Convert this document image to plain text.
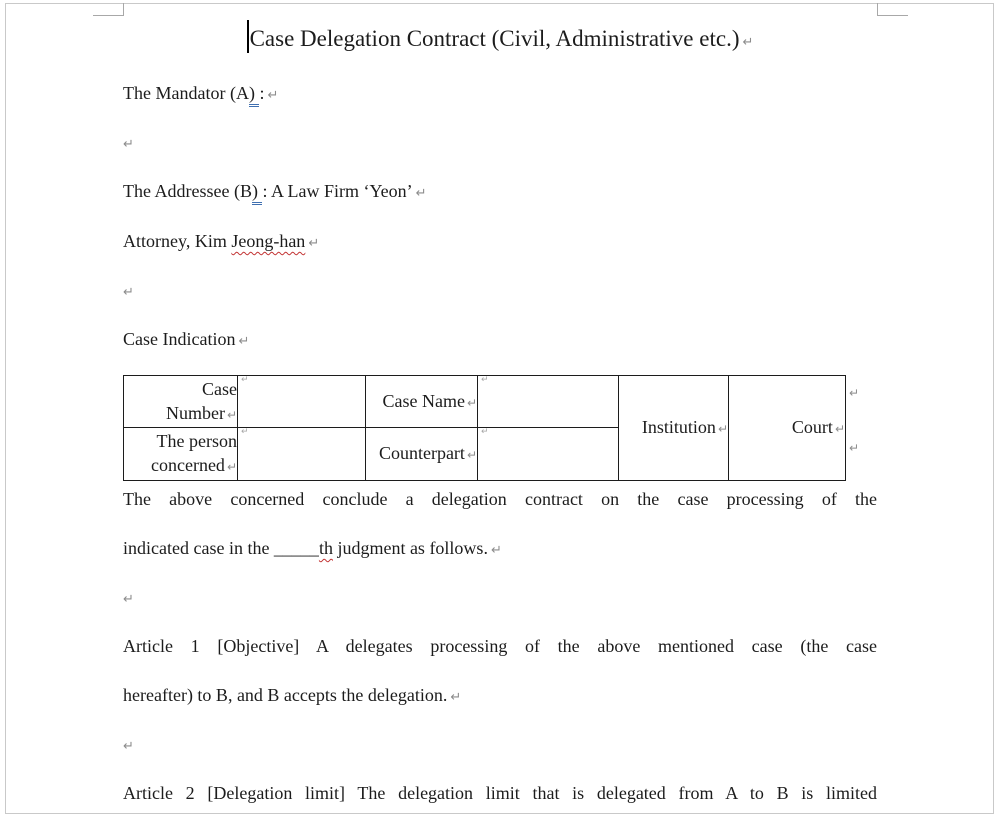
Case Delegation Contract (Civil, Administrative etc.) ↵
The Mandator (A) : ↵
↵
The Addressee (B) : A Law Firm ‘Yeon’ ↵
Attorney, Kim Jeong-han ↵
↵
Case Indication ↵
Case
Number ↵	↵	Case Name ↵	↵	Institution ↵	Court ↵

The person
concerned ↵	↵	Counterpart ↵	↵		
↵
↵
The above concerned conclude a delegation contract on the case processing of the
indicated case in the _____th judgment as follows. ↵
↵
Article 1 [Objective] A delegates processing of the above mentioned case (the case
hereafter) to B, and B accepts the delegation. ↵
↵
Article 2 [Delegation limit] The delegation limit that is delegated from A to B is limited
